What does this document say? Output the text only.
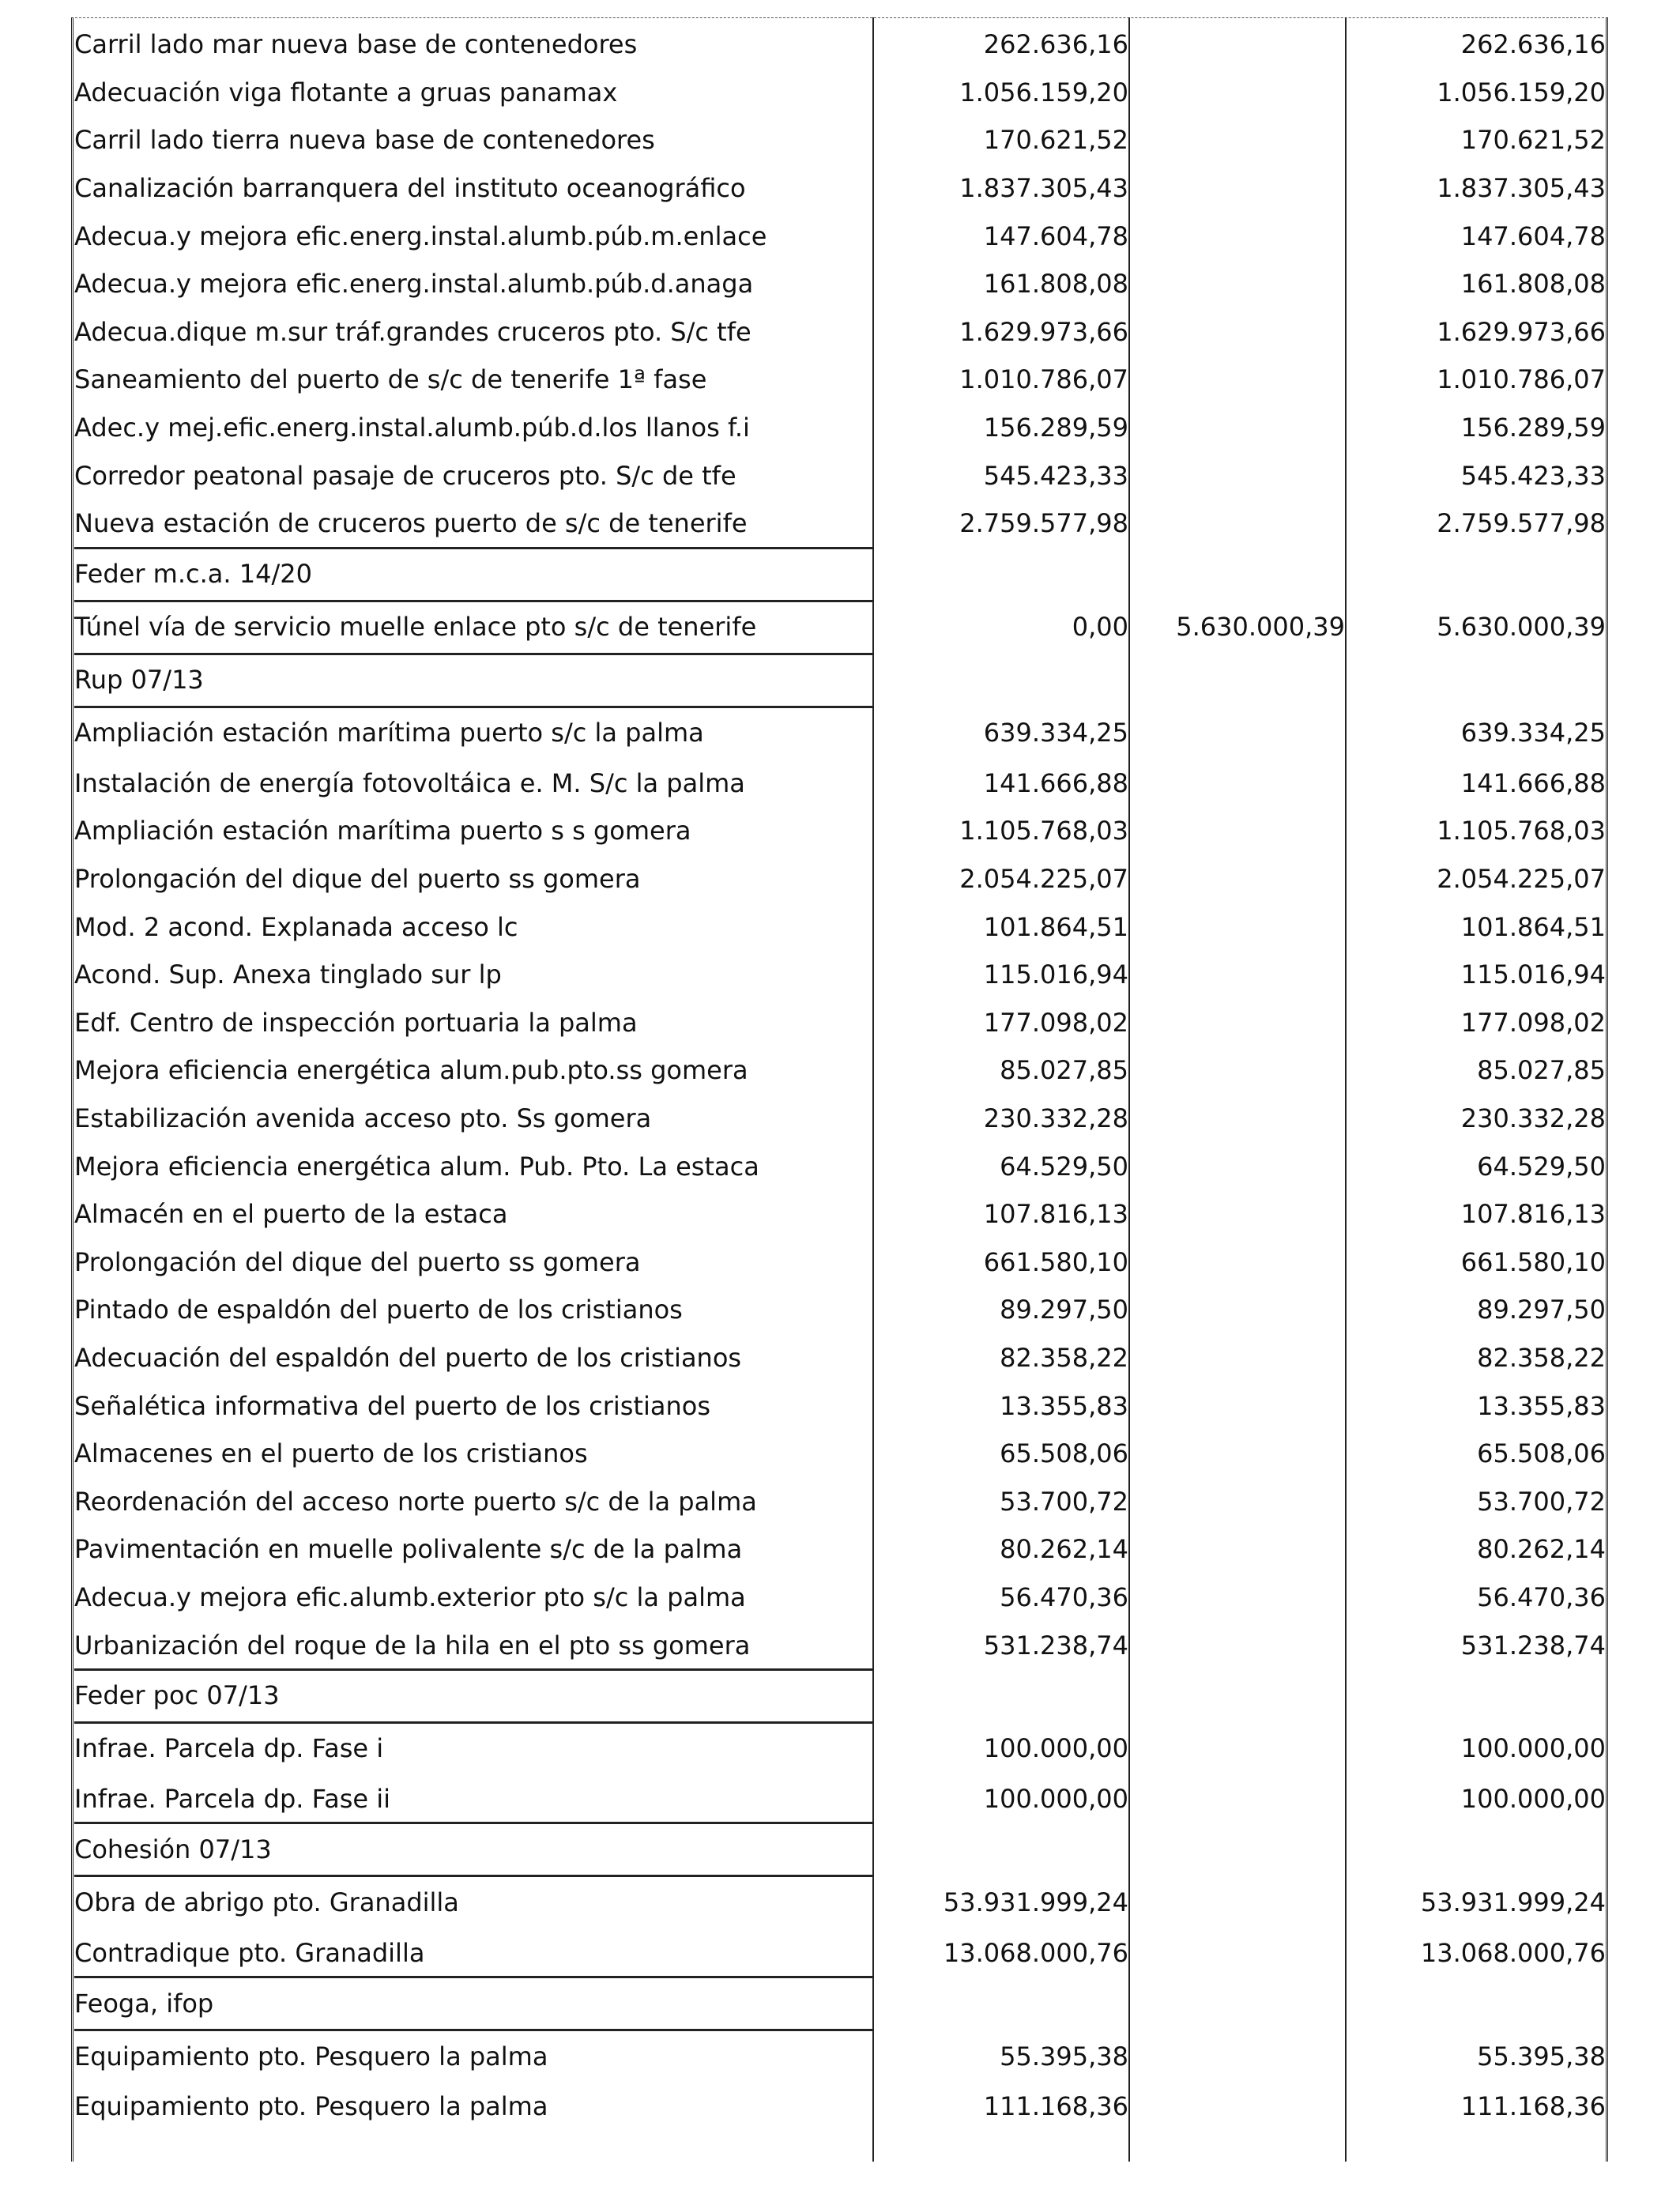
Carril lado mar nueva base de contenedores	262.636,16		262.636,16
Adecuación viga flotante a gruas panamax	1.056.159,20		1.056.159,20
Carril lado tierra nueva base de contenedores	170.621,52		170.621,52
Canalización barranquera del instituto oceanográfico	1.837.305,43		1.837.305,43
Adecua.y mejora efic.energ.instal.alumb.púb.m.enlace	147.604,78		147.604,78
Adecua.y mejora efic.energ.instal.alumb.púb.d.anaga	161.808,08		161.808,08
Adecua.dique m.sur tráf.grandes cruceros pto. S/c tfe	1.629.973,66		1.629.973,66
Saneamiento del puerto de s/c de tenerife 1ª fase	1.010.786,07		1.010.786,07
Adec.y mej.efic.energ.instal.alumb.púb.d.los llanos f.i	156.289,59		156.289,59
Corredor peatonal pasaje de cruceros pto. S/c de tfe	545.423,33		545.423,33
Nueva estación de cruceros puerto de s/c de tenerife	2.759.577,98		2.759.577,98
Feder m.c.a. 14/20			
Túnel vía de servicio muelle enlace pto s/c de tenerife	0,00	5.630.000,39	5.630.000,39
Rup 07/13			
Ampliación estación marítima puerto s/c la palma	639.334,25		639.334,25
Instalación de energía fotovoltáica e. M. S/c la palma	141.666,88		141.666,88
Ampliación estación marítima puerto s s gomera	1.105.768,03		1.105.768,03
Prolongación del dique del puerto ss gomera	2.054.225,07		2.054.225,07
Mod. 2 acond. Explanada acceso lc	101.864,51		101.864,51
Acond. Sup. Anexa tinglado sur lp	115.016,94		115.016,94
Edf. Centro de inspección portuaria la palma	177.098,02		177.098,02
Mejora eficiencia energética alum.pub.pto.ss gomera	85.027,85		85.027,85
Estabilización avenida acceso pto. Ss gomera	230.332,28		230.332,28
Mejora eficiencia energética alum. Pub. Pto. La estaca	64.529,50		64.529,50
Almacén en el puerto de la estaca	107.816,13		107.816,13
Prolongación del dique del puerto ss gomera	661.580,10		661.580,10
Pintado de espaldón del puerto de los cristianos	89.297,50		89.297,50
Adecuación del espaldón del puerto de los cristianos	82.358,22		82.358,22
Señalética informativa del puerto de los cristianos	13.355,83		13.355,83
Almacenes en el puerto de los cristianos	65.508,06		65.508,06
Reordenación del acceso norte puerto s/c de la palma	53.700,72		53.700,72
Pavimentación en muelle polivalente s/c de la palma	80.262,14		80.262,14
Adecua.y mejora efic.alumb.exterior pto s/c la palma	56.470,36		56.470,36
Urbanización del roque de la hila en el pto ss gomera	531.238,74		531.238,74
Feder poc 07/13			
Infrae. Parcela dp. Fase i	100.000,00		100.000,00
Infrae. Parcela dp. Fase ii	100.000,00		100.000,00
Cohesión 07/13			
Obra de abrigo pto. Granadilla	53.931.999,24		53.931.999,24
Contradique pto. Granadilla	13.068.000,76		13.068.000,76
Feoga, ifop			
Equipamiento pto. Pesquero la palma	55.395,38		55.395,38
Equipamiento pto. Pesquero la palma	111.168,36		111.168,36
